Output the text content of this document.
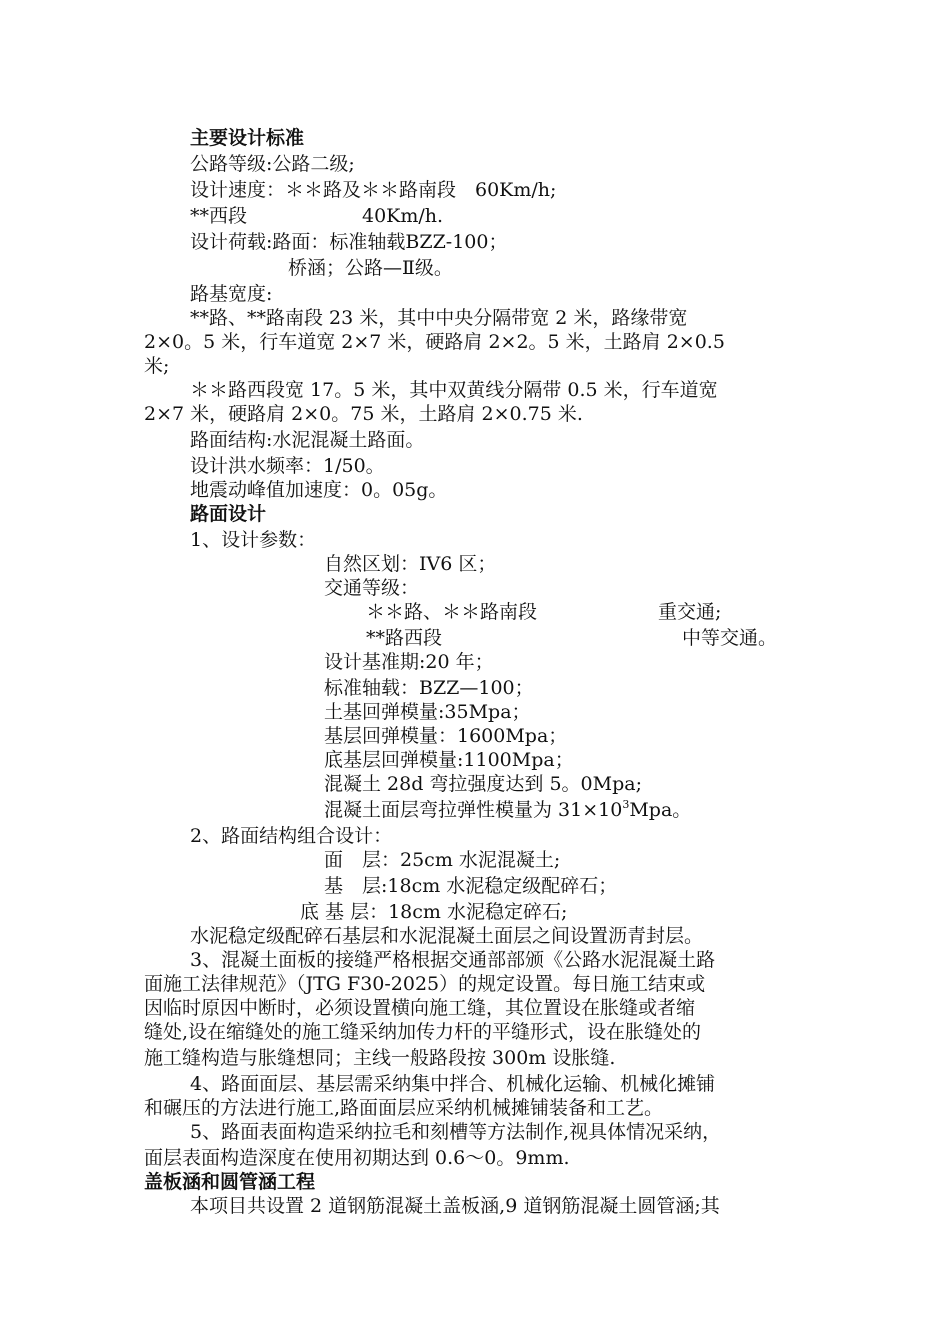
主要设计标准
公路等级:公路二级;
设计速度：＊＊路及＊＊路南段　60Km/h;
**西段	40Km/h.
设计荷载:路面：标准轴载BZZ-100；
桥涵；公路—Ⅱ级。
路基宽度:
**路、**路南段 23 米，其中中央分隔带宽 2 米，路缘带宽
2×0。5 米，行车道宽 2×7 米，硬路肩 2×2。5 米，土路肩 2×0.5
米;
＊＊路西段宽 17。5 米，其中双黄线分隔带 0.5 米，行车道宽
2×7 米，硬路肩 2×0。75 米，土路肩 2×0.75 米.
路面结构:水泥混凝土路面。
设计洪水频率：1/50。
地震动峰值加速度：0。05g。
路面设计
1、设计参数：
自然区划：IV6 区；
交通等级：
＊＊路、＊＊路南段	重交通;
**路西段	中等交通。
设计基准期:20 年；
标准轴载：BZZ—100；
土基回弹模量:35Mpa；
基层回弹模量：1600Mpa；
底基层回弹模量:1100Mpa；
混凝土 28d 弯拉强度达到 5。0Mpa;
混凝土面层弯拉弹性模量为 $31\times 10^3Mpa$。
2、路面结构组合设计：
面　层：25cm 水泥混凝土;
基　层:18cm 水泥稳定级配碎石；
底 基 层：18cm 水泥稳定碎石;
水泥稳定级配碎石基层和水泥混凝土面层之间设置沥青封层。
3、混凝土面板的接缝严格根据交通部部颁《公路水泥混凝土路
面施工法律规范》（JTG F30-2025）的规定设置。每日施工结束或
因临时原因中断时，必须设置横向施工缝，其位置设在胀缝或者缩
缝处,设在缩缝处的施工缝采纳加传力杆的平缝形式，设在胀缝处的
施工缝构造与胀缝想同；主线一般路段按 300m 设胀缝.
4、路面面层、基层需采纳集中拌合、机械化运输、机械化摊铺
和碾压的方法进行施工,路面面层应采纳机械摊铺装备和工艺。
5、路面表面构造采纳拉毛和刻槽等方法制作,视具体情况采纳，
面层表面构造深度在使用初期达到 0.6～0。9mm.
盖板涵和圆管涵工程
本项目共设置 2 道钢筋混凝土盖板涵,9 道钢筋混凝土圆管涵;其
